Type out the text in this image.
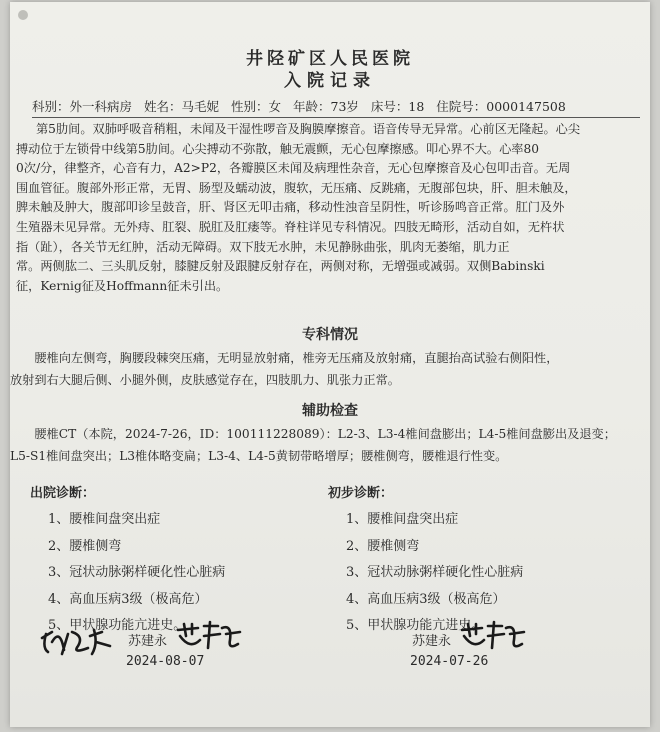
井陉矿区人民医院
入院记录
科别：外一科病房 姓名：马毛妮 性别：女 年龄：73岁 床号：18 住院号：0000147508

第5肋间。双肺呼吸音稍粗，未闻及干湿性啰音及胸膜摩擦音。语音传导无异常。心前区无隆起。心尖

搏动位于左锁骨中线第5肋间。心尖搏动不弥散，触无震颤，无心包摩擦感。叩心界不大。心率80

0次/分，律整齐，心音有力，A2>P2，各瓣膜区未闻及病理性杂音，无心包摩擦音及心包叩击音。无周

围血管征。腹部外形正常，无胃、肠型及蠕动波，腹软，无压痛、反跳痛，无腹部包块，肝、胆未触及，

脾未触及肿大，腹部叩诊呈鼓音，肝、肾区无叩击痛，移动性浊音呈阴性，听诊肠鸣音正常。肛门及外

生殖器未见异常。无外痔、肛裂、脱肛及肛瘘等。脊柱详见专科情况。四肢无畸形，活动自如，无杵状

指（趾），各关节无红肿，活动无障碍。双下肢无水肿，未见静脉曲张，肌肉无萎缩，肌力正

常。两侧肱二、三头肌反射，膝腱反射及跟腱反射存在，两侧对称，无增强或减弱。双侧Babinski

征，Kernig征及Hoffmann征未引出。

专科情况

　　腰椎向左侧弯，胸腰段棘突压痛，无明显放射痛，椎旁无压痛及放射痛，直腿抬高试验右侧阳性，

放射到右大腿后侧、小腿外侧，皮肤感觉存在，四肢肌力、肌张力正常。

辅助检查

　　腰椎CT（本院，2024-7-26，ID：100111228089）：L2-3、L3-4椎间盘膨出；L4-5椎间盘膨出及退变；

L5-S1椎间盘突出；L3椎体略变扁；L3-4、L4-5黄韧带略增厚；腰椎侧弯，腰椎退行性变。

出院诊断：
1、腰椎间盘突出症
2、腰椎侧弯
3、冠状动脉粥样硬化性心脏病
4、高血压病3级（极高危）
5、甲状腺功能亢进史。
初步诊断：
1、腰椎间盘突出症
2、腰椎侧弯
3、冠状动脉粥样硬化性心脏病
4、高血压病3级（极高危）
5、甲状腺功能亢进史。
苏建永
2024-08-07
苏建永
2024-07-26
